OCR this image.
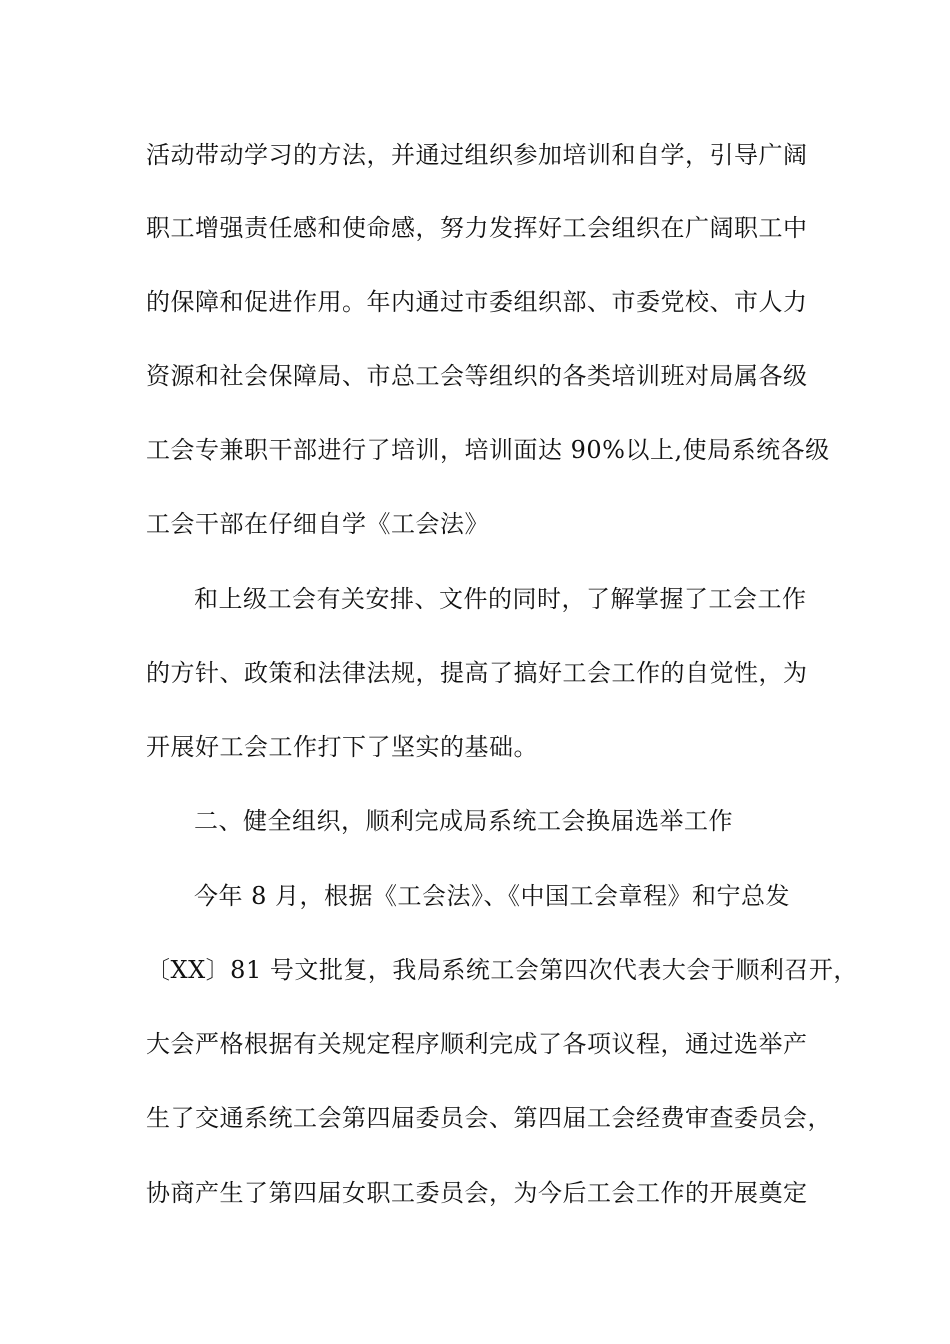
活动带动学习的方法，并通过组织参加培训和自学，引导广阔
职工增强责任感和使命感，努力发挥好工会组织在广阔职工中
的保障和促进作用。年内通过市委组织部、市委党校、市人力
资源和社会保障局、市总工会等组织的各类培训班对局属各级
工会专兼职干部进行了培训，培训面达 90%以上,使局系统各级
工会干部在仔细自学《工会法》
和上级工会有关安排、文件的同时，了解掌握了工会工作
的方针、政策和法律法规，提高了搞好工会工作的自觉性，为
开展好工会工作打下了坚实的基础。
二、健全组织，顺利完成局系统工会换届选举工作
今年 8 月，根据《工会法》、《中国工会章程》和宁总发
〔XX〕81 号文批复，我局系统工会第四次代表大会于顺利召开，
大会严格根据有关规定程序顺利完成了各项议程，通过选举产
生了交通系统工会第四届委员会、第四届工会经费审查委员会，
协商产生了第四届女职工委员会，为今后工会工作的开展奠定
